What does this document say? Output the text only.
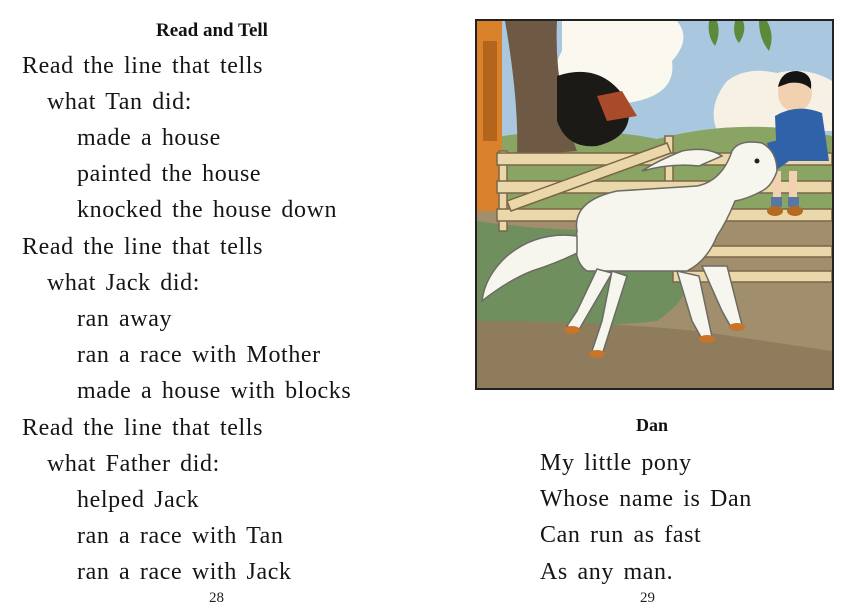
Read and Tell
Read the line that tells
what Tan did:
made a house
painted the house
knocked the house down
Read the line that tells
what Jack did:
ran away
ran a race with Mother
made a house with blocks
Read the line that tells
what Father did:
helped Jack
ran a race with Tan
ran a race with Jack
28
Dan
My little pony
Whose name is Dan
Can run as fast
As any man.
29
